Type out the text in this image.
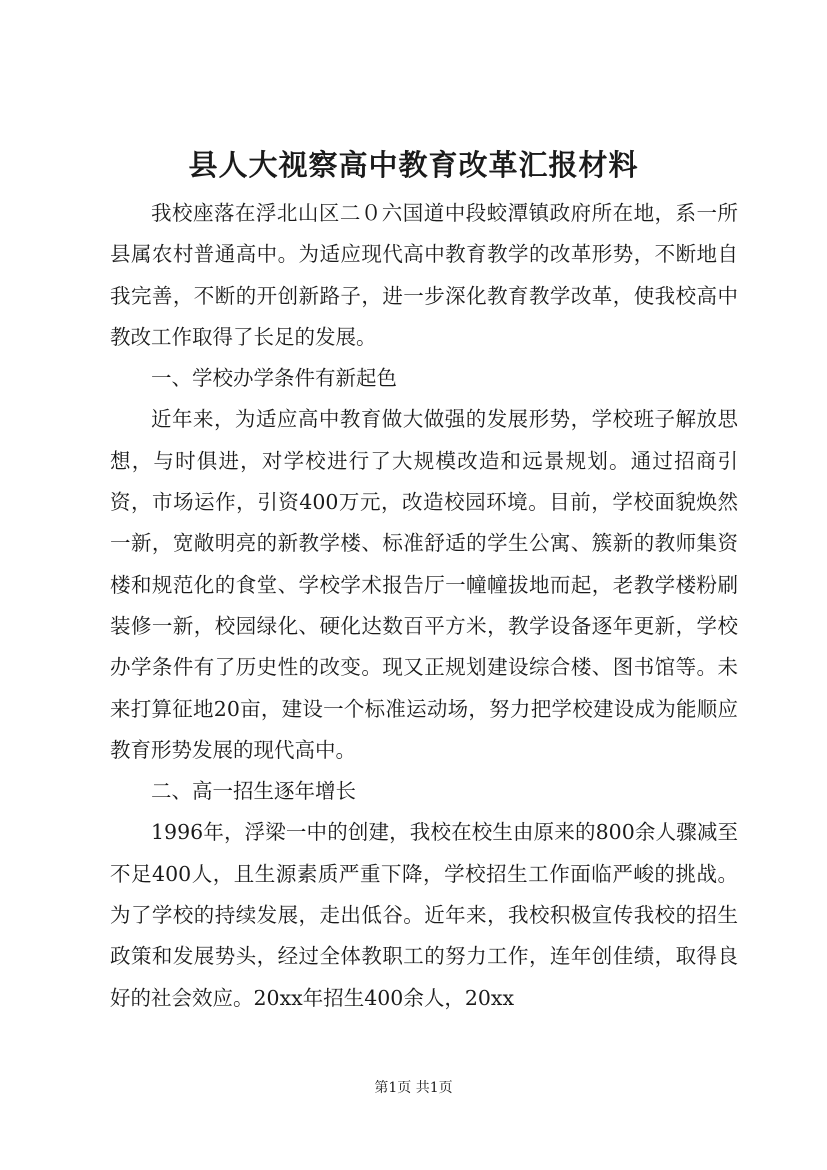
县人大视察高中教育改革汇报材料

我校座落在浮北山区二０六国道中段蛟潭镇政府所在地，系一所县属农村普通高中。为适应现代高中教育教学的改革形势，不断地自我完善，不断的开创新路子，进一步深化教育教学改革，使我校高中教改工作取得了长足的发展。

一、学校办学条件有新起色

近年来，为适应高中教育做大做强的发展形势，学校班子解放思想，与时俱进，对学校进行了大规模改造和远景规划。通过招商引资，市场运作，引资400万元，改造校园环境。目前，学校面貌焕然一新，宽敞明亮的新教学楼、标准舒适的学生公寓、簇新的教师集资楼和规范化的食堂、学校学术报告厅一幢幢拔地而起，老教学楼粉刷装修一新，校园绿化、硬化达数百平方米，教学设备逐年更新，学校办学条件有了历史性的改变。现又正规划建设综合楼、图书馆等。未来打算征地20亩，建设一个标准运动场，努力把学校建设成为能顺应教育形势发展的现代高中。

二、高一招生逐年增长

1996年，浮梁一中的创建，我校在校生由原来的800余人骤减至不足400人，且生源素质严重下降，学校招生工作面临严峻的挑战。为了学校的持续发展，走出低谷。近年来，我校积极宣传我校的招生政策和发展势头，经过全体教职工的努力工作，连年创佳绩，取得良好的社会效应。20xx年招生400余人，20xx

第1页 共1页
